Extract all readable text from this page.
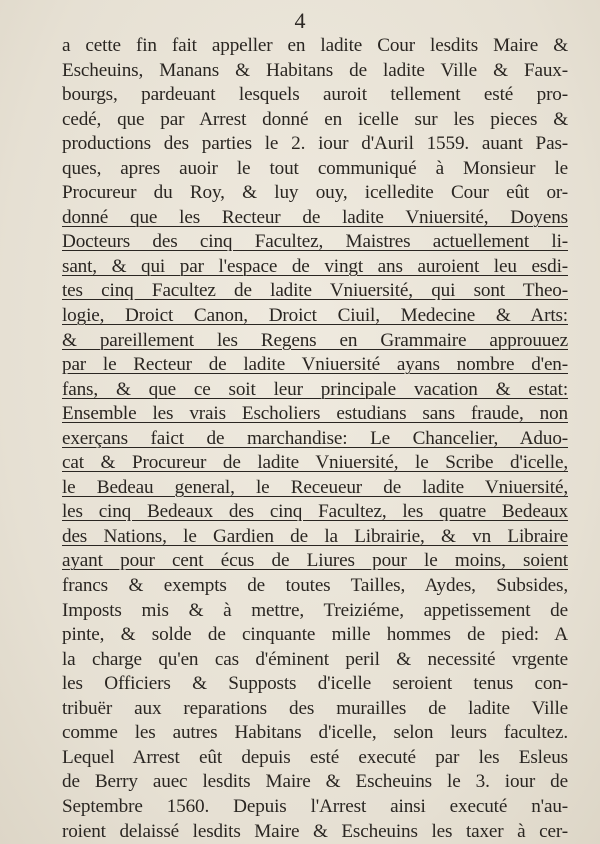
4
a cette fin fait appeller en ladite Cour lesdits Maire &
Escheuins, Manans & Habitans de ladite Ville & Faux-
bourgs, pardeuant lesquels auroit tellement esté pro-
cedé, que par Arrest donné en icelle sur les pieces &
productions des parties le 2. iour d'Auril 1559. auant Pas-
ques, apres auoir le tout communiqué à Monsieur le
Procureur du Roy, & luy ouy, icelledite Cour eût or-
donné que les Recteur de ladite Vniuersité, Doyens
Docteurs des cinq Facultez, Maistres actuellement li-
sant, & qui par l'espace de vingt ans auroient leu esdi-
tes cinq Facultez de ladite Vniuersité, qui sont Theo-
logie, Droict Canon, Droict Ciuil, Medecine & Arts:
& pareillement les Regens en Grammaire approuuez
par le Recteur de ladite Vniuersité ayans nombre d'en-
fans, & que ce soit leur principale vacation & estat:
Ensemble les vrais Escholiers estudians sans fraude, non
exerçans faict de marchandise: Le Chancelier, Aduo-
cat & Procureur de ladite Vniuersité, le Scribe d'icelle,
le Bedeau general, le Receueur de ladite Vniuersité,
les cinq Bedeaux des cinq Facultez, les quatre Bedeaux
des Nations, le Gardien de la Librairie, & vn Libraire
ayant pour cent écus de Liures pour le moins, soient
francs & exempts de toutes Tailles, Aydes, Subsides,
Imposts mis & à mettre, Treiziéme, appetissement de
pinte, & solde de cinquante mille hommes de pied: A
la charge qu'en cas d'éminent peril & necessité vrgente
les Officiers & Supposts d'icelle seroient tenus con-
tribuër aux reparations des murailles de ladite Ville
comme les autres Habitans d'icelle, selon leurs facultez.
Lequel Arrest eût depuis esté executé par les Esleus
de Berry auec lesdits Maire & Escheuins le 3. iour de
Septembre 1560. Depuis l'Arrest ainsi executé n'au-
roient delaissé lesdits Maire & Escheuins les taxer à cer-
